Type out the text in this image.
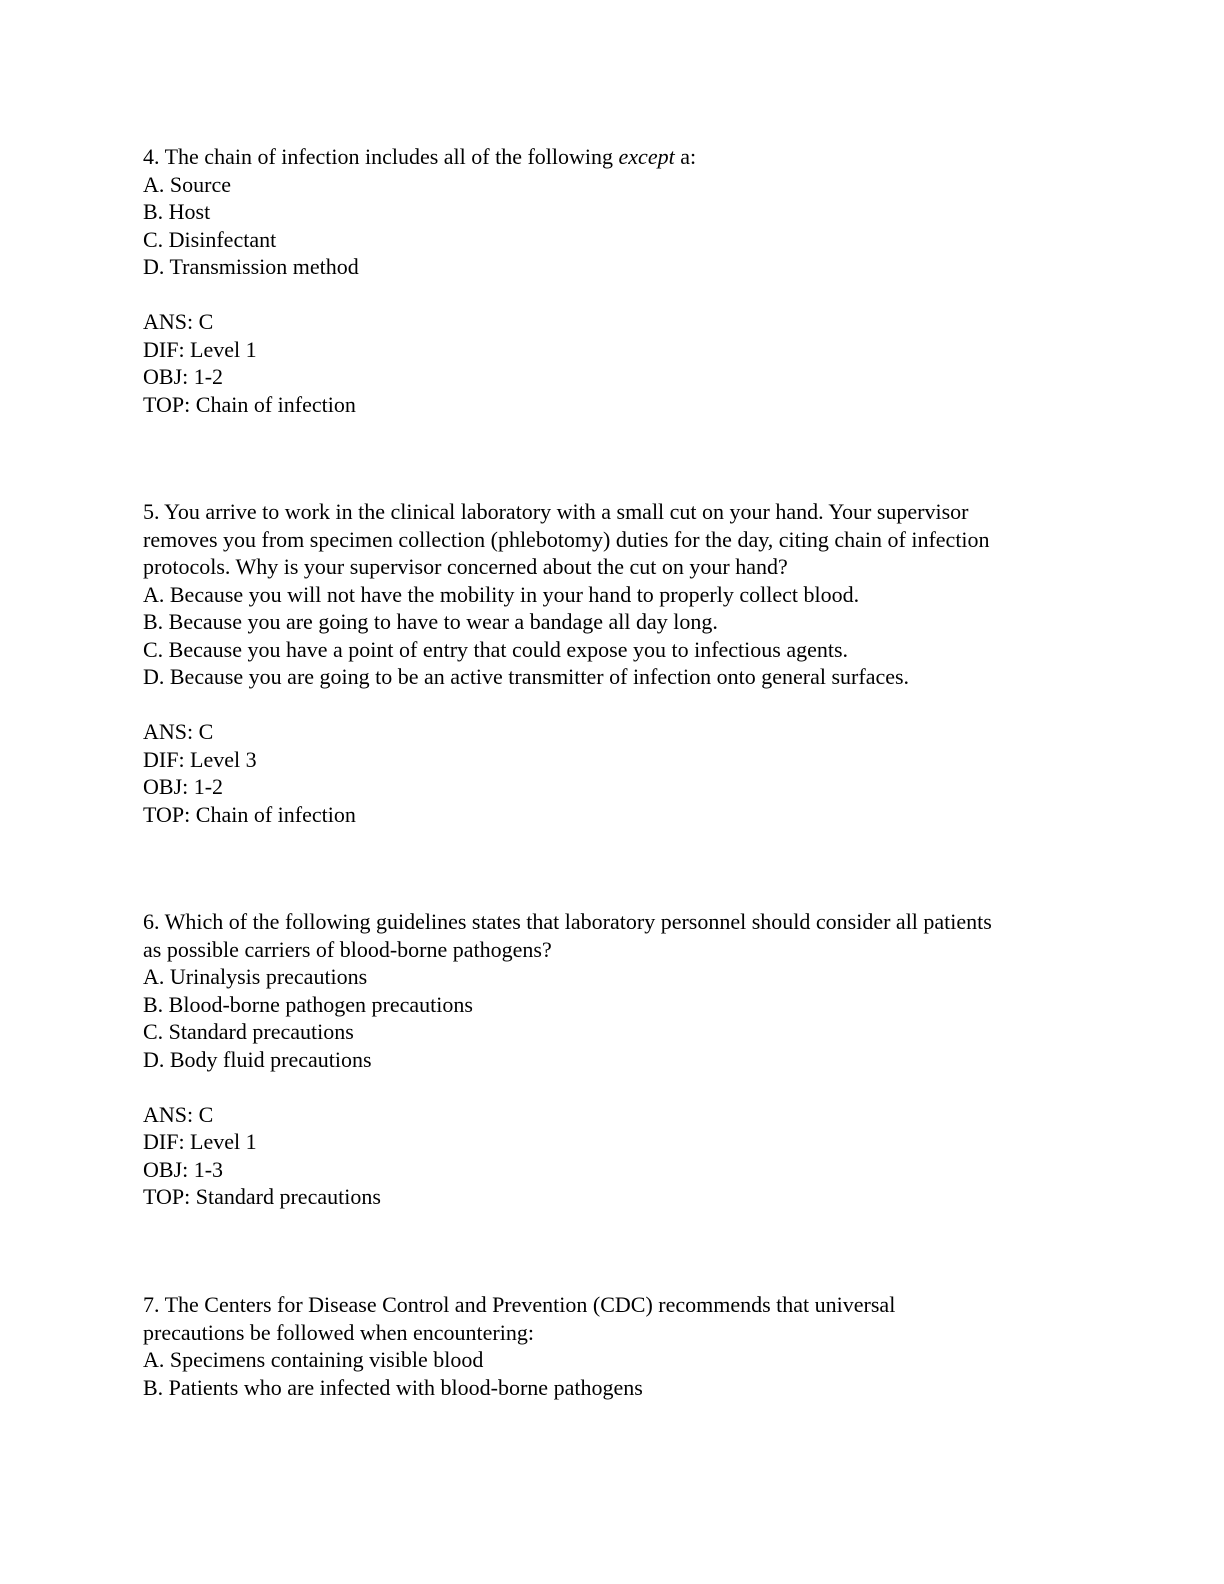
4. The chain of infection includes all of the following except a:
A. Source
B. Host
C. Disinfectant
D. Transmission method
ANS: C
DIF: Level 1
OBJ: 1-2
TOP: Chain of infection
5. You arrive to work in the clinical laboratory with a small cut on your hand. Your supervisor
removes you from specimen collection (phlebotomy) duties for the day, citing chain of infection
protocols. Why is your supervisor concerned about the cut on your hand?
A. Because you will not have the mobility in your hand to properly collect blood.
B. Because you are going to have to wear a bandage all day long.
C. Because you have a point of entry that could expose you to infectious agents.
D. Because you are going to be an active transmitter of infection onto general surfaces.
ANS: C
DIF: Level 3
OBJ: 1-2
TOP: Chain of infection
6. Which of the following guidelines states that laboratory personnel should consider all patients
as possible carriers of blood-borne pathogens?
A. Urinalysis precautions
B. Blood-borne pathogen precautions
C. Standard precautions
D. Body fluid precautions
ANS: C
DIF: Level 1
OBJ: 1-3
TOP: Standard precautions
7. The Centers for Disease Control and Prevention (CDC) recommends that universal
precautions be followed when encountering:
A. Specimens containing visible blood
B. Patients who are infected with blood-borne pathogens
